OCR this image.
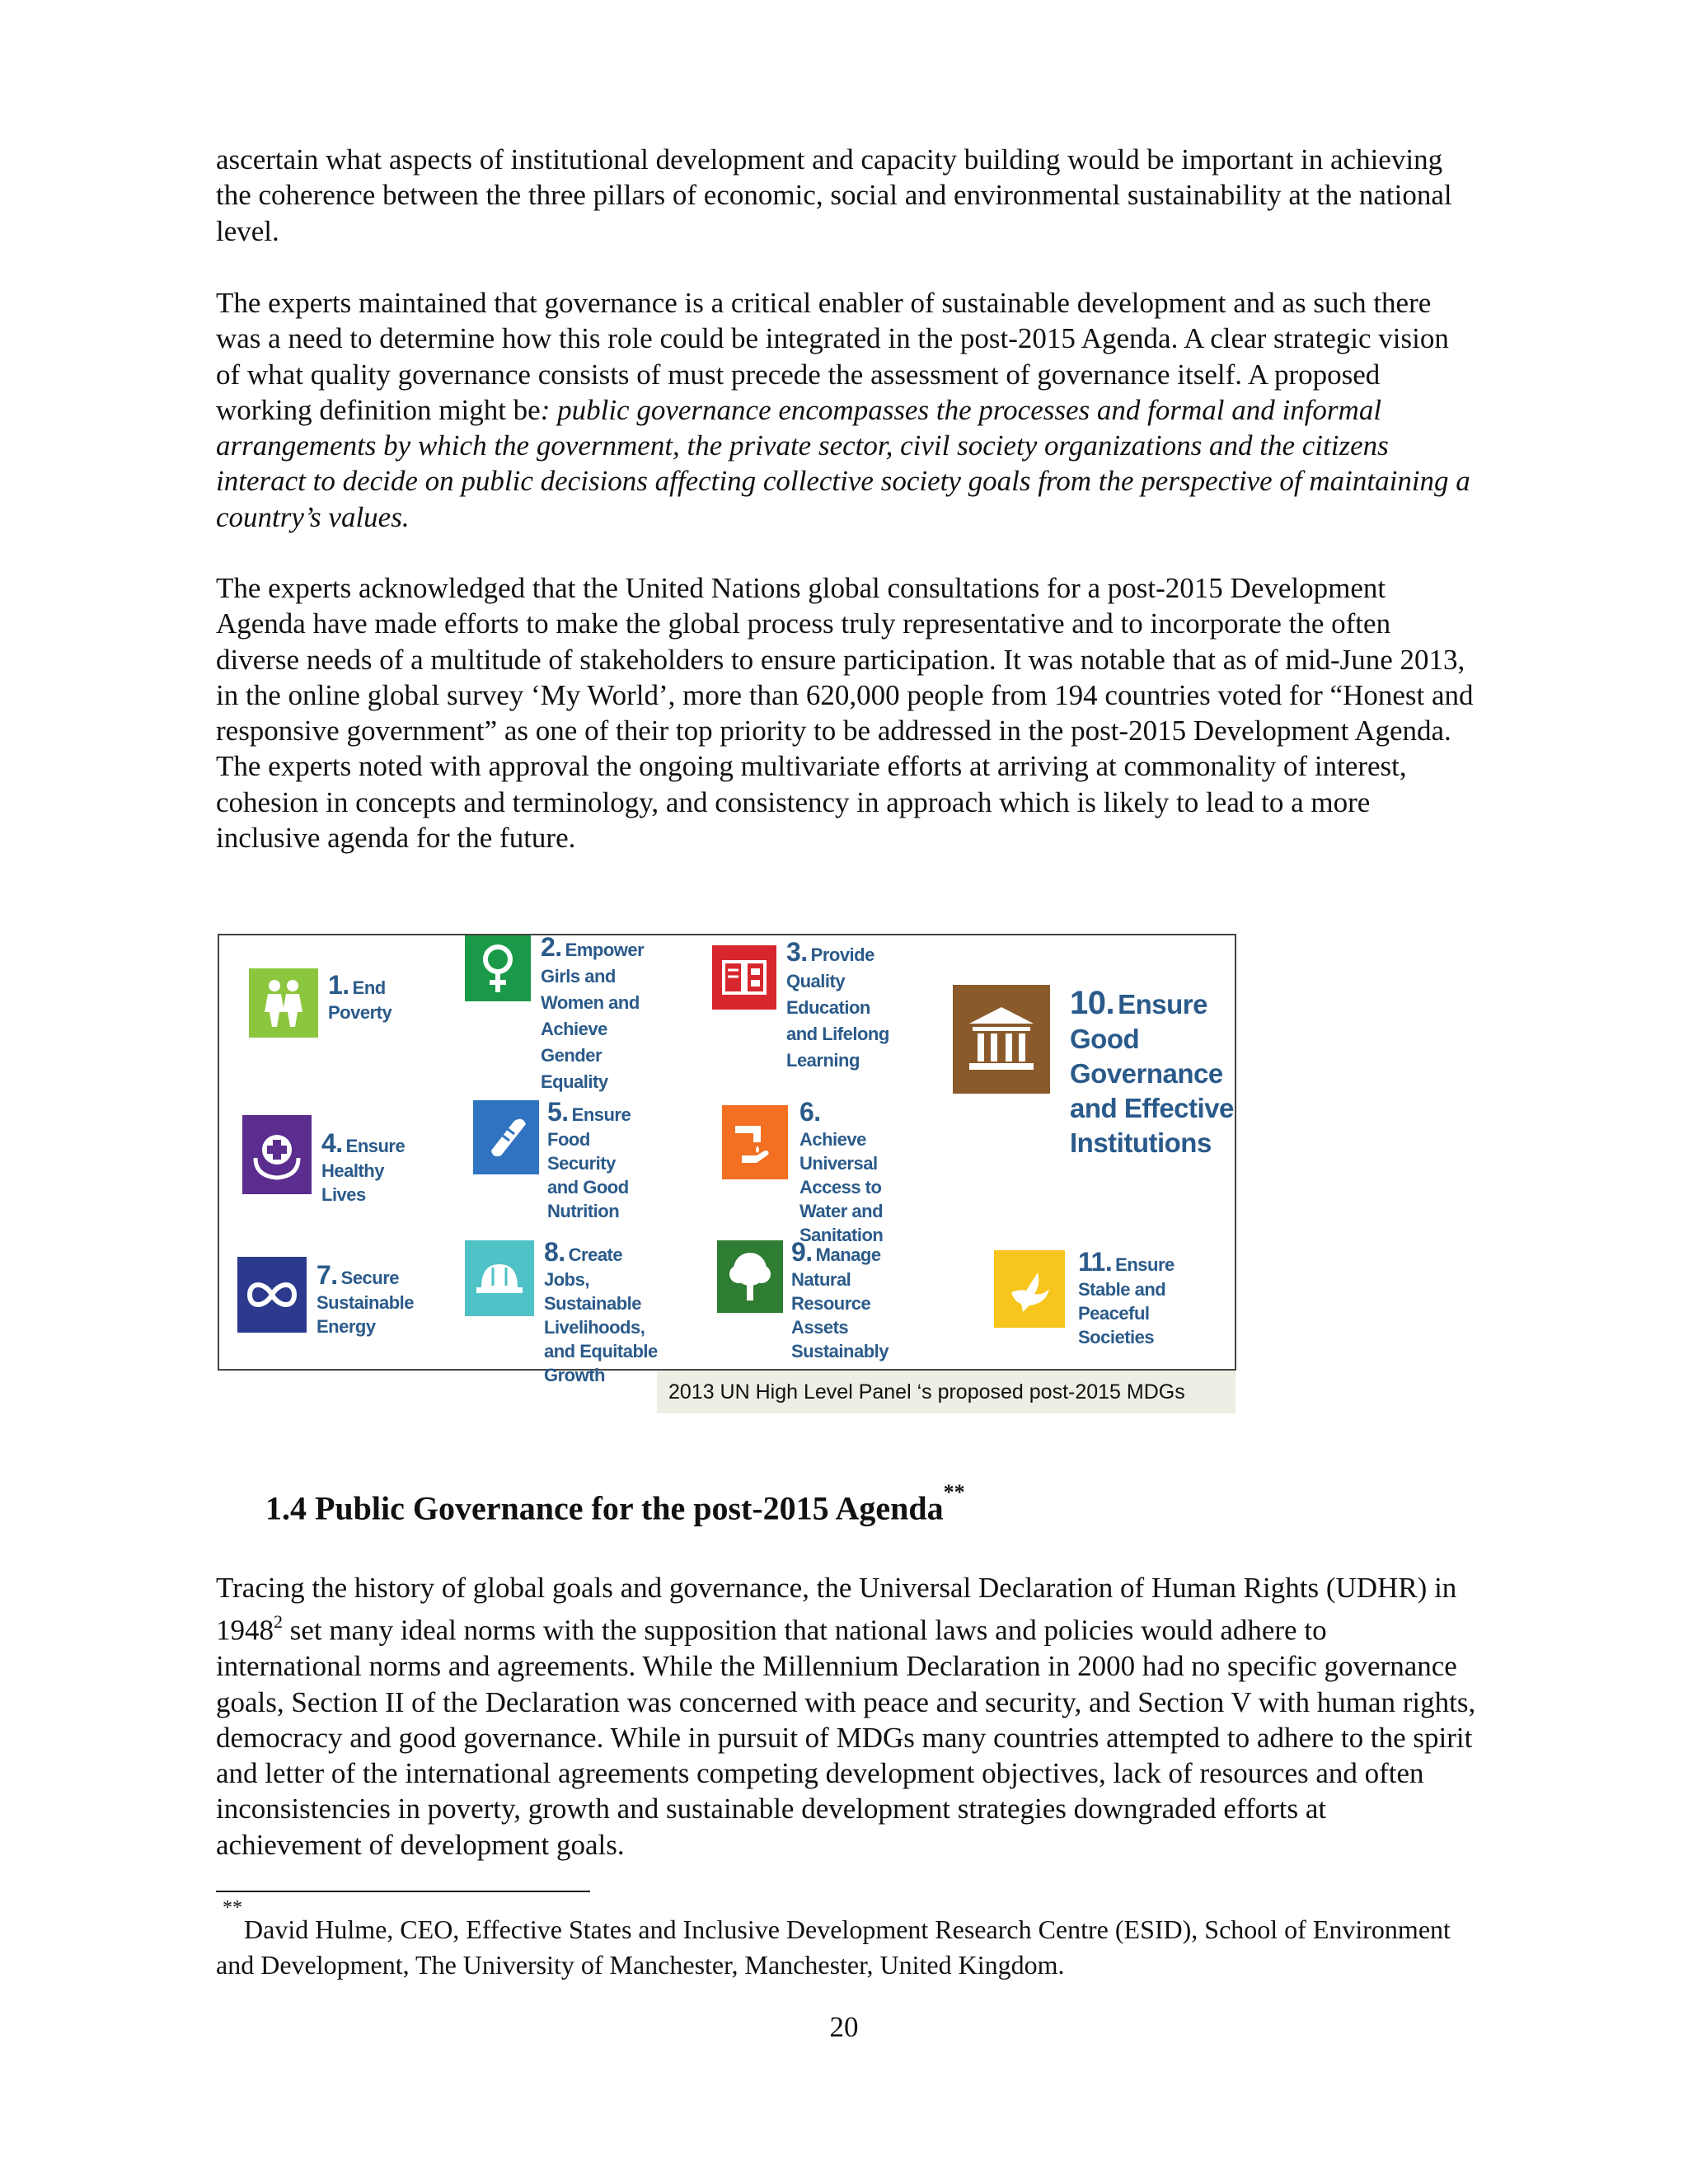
ascertain what aspects of institutional development and capacity building would be important in achieving the coherence between the three pillars of economic, social and environmental sustainability at the national level.

The experts maintained that governance is a critical enabler of sustainable development and as such there was a need to determine how this role could be integrated in the post-2015 Agenda. A clear strategic vision of what quality governance consists of must precede the assessment of governance itself. A proposed working definition might be: public governance encompasses the processes and formal and informal arrangements by which the government, the private sector, civil society organizations and the citizens interact to decide on public decisions affecting collective society goals from the perspective of maintaining a country’s values.

The experts acknowledged that the United Nations global consultations for a post-2015 Development Agenda have made efforts to make the global process truly representative and to incorporate the often diverse needs of a multitude of stakeholders to ensure participation. It was notable that as of mid-June 2013, in the online global survey ‘My World’, more than 620,000 people from 194 countries voted for “Honest and responsive government” as one of their top priority to be addressed in the post-2015 Development Agenda. The experts noted with approval the ongoing multivariate efforts at arriving at commonality of interest, cohesion in concepts and terminology, and consistency in approach which is likely to lead to a more inclusive agenda for the future.

1. End Poverty
2. Empower Girls and Women and Achieve Gender Equality
3. Provide Quality Education and Lifelong Learning
10. Ensure Good Governance and Effective Institutions
4. Ensure Healthy Lives
5. Ensure Food Security and Good Nutrition
6. Achieve Universal Access to Water and Sanitation
7. Secure Sustainable Energy
8. Create Jobs, Sustainable Livelihoods, and Equitable Growth
9. Manage Natural Resource Assets Sustainably
11. Ensure Stable and Peaceful Societies
2013 UN High Level Panel ‘s proposed post-2015 MDGs
1.4 Public Governance for the post-2015 Agenda**

Tracing the history of global goals and governance, the Universal Declaration of Human Rights (UDHR) in 1948$^2$ set many ideal norms with the supposition that national laws and policies would adhere to international norms and agreements. While the Millennium Declaration in 2000 had no specific governance goals, Section II of the Declaration was concerned with peace and security, and Section V with human rights, democracy and good governance. While in pursuit of MDGs many countries attempted to adhere to the spirit and letter of the international agreements competing development objectives, lack of resources and often inconsistencies in poverty, growth and sustainable development strategies downgraded efforts at achievement of development goals.

**
David Hulme, CEO, Effective States and Inclusive Development Research Centre (ESID), School of Environment and Development, The University of Manchester, Manchester, United Kingdom.
20
